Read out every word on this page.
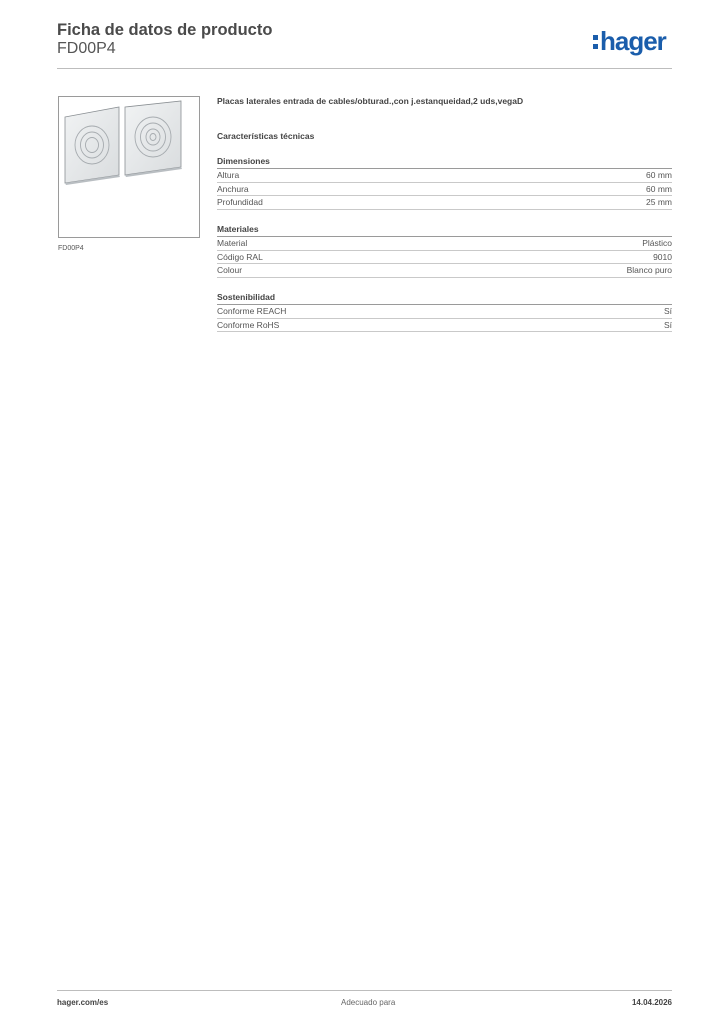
Ficha de datos de producto
FD00P4	hager
FD00P4
Placas laterales entrada de cables/obturad.,con j.estanqueidad,2 uds,vegaD
Características técnicas
Dimensiones
Altura	60 mm
Anchura	60 mm
Profundidad	25 mm
Materiales
Material	Plástico
Código RAL	9010
Colour	Blanco puro
Sostenibilidad
Conforme REACH	Sí
Conforme RoHS	Sí
hager.com/es	Adecuado para	14.04.2026
